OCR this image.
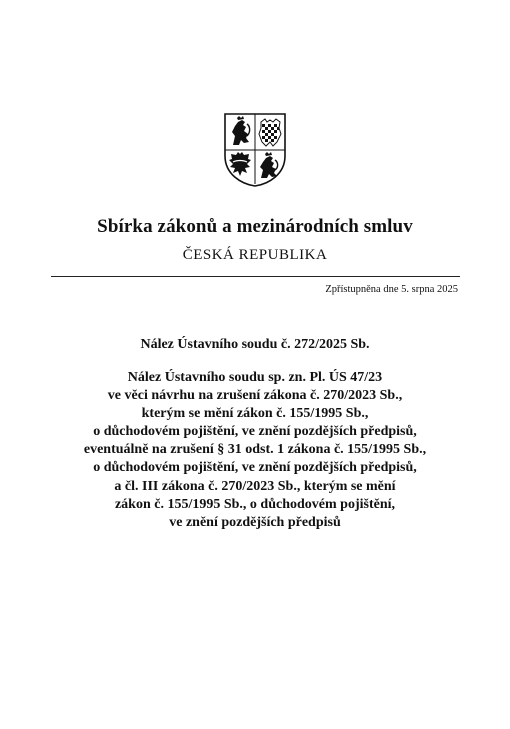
Sbírka zákonů a mezinárodních smluv
ČESKÁ REPUBLIKA
Zpřístupněna dne 5. srpna 2025
Nález Ústavního soudu č. 272/2025 Sb.
Nález Ústavního soudu sp. zn. Pl. ÚS 47/23
ve věci návrhu na zrušení zákona č. 270/2023 Sb.,
kterým se mění zákon č. 155/1995 Sb.,
o důchodovém pojištění, ve znění pozdějších předpisů,
eventuálně na zrušení § 31 odst. 1 zákona č. 155/1995 Sb.,
o důchodovém pojištění, ve znění pozdějších předpisů,
a čl. III zákona č. 270/2023 Sb., kterým se mění
zákon č. 155/1995 Sb., o důchodovém pojištění,
ve znění pozdějších předpisů
